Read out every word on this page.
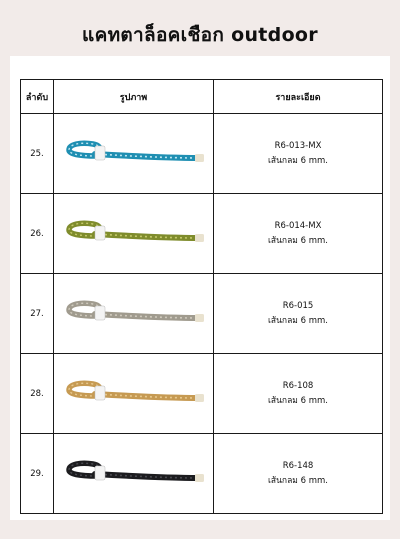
แคทตาล็อคเชือก outdoor
ลำดับ	รูปภาพ	รายละเอียด
25.		R6-013-MX
เส้นกลม 6 mm.

26.		R6-014-MX
เส้นกลม 6 mm.

27.		R6-015
เส้นกลม 6 mm.

28.		R6-108
เส้นกลม 6 mm.

29.		R6-148
เส้นกลม 6 mm.
